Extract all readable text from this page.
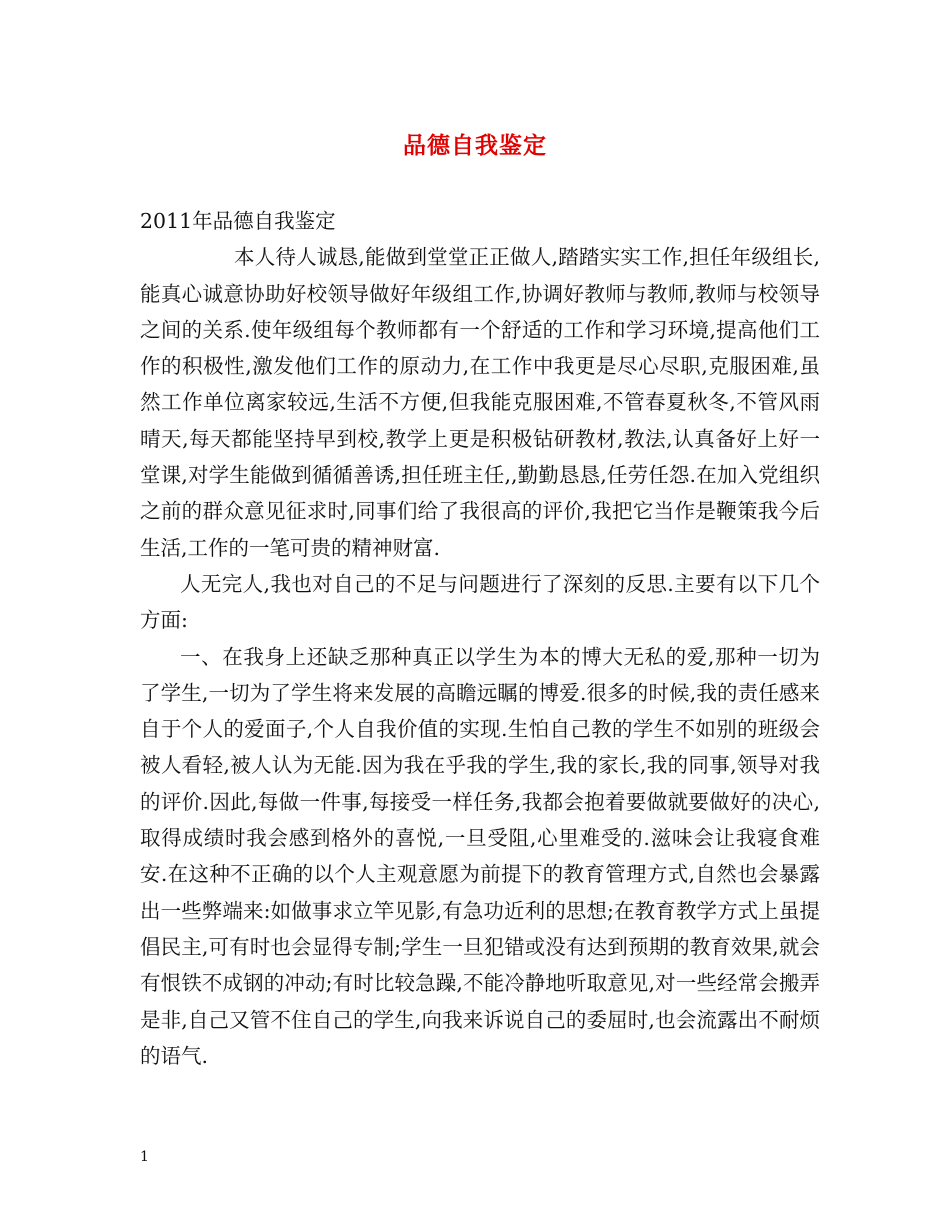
品德自我鉴定

2011年品德自我鉴定

本人待人诚恳,能做到堂堂正正做人,踏踏实实工作,担任年级组长,能真心诚意协助好校领导做好年级组工作,协调好教师与教师,教师与校领导之间的关系.使年级组每个教师都有一个舒适的工作和学习环境,提高他们工作的积极性,激发他们工作的原动力,在工作中我更是尽心尽职,克服困难,虽然工作单位离家较远,生活不方便,但我能克服困难,不管春夏秋冬,不管风雨晴天,每天都能坚持早到校,教学上更是积极钻研教材,教法,认真备好上好一堂课,对学生能做到循循善诱,担任班主任,,勤勤恳恳,任劳任怨.在加入党组织之前的群众意见征求时,同事们给了我很高的评价,我把它当作是鞭策我今后生活,工作的一笔可贵的精神财富.

人无完人,我也对自己的不足与问题进行了深刻的反思.主要有以下几个方面:

一、在我身上还缺乏那种真正以学生为本的博大无私的爱,那种一切为了学生,一切为了学生将来发展的高瞻远瞩的博爱.很多的时候,我的责任感来自于个人的爱面子,个人自我价值的实现.生怕自己教的学生不如别的班级会被人看轻,被人认为无能.因为我在乎我的学生,我的家长,我的同事,领导对我的评价.因此,每做一件事,每接受一样任务,我都会抱着要做就要做好的决心,取得成绩时我会感到格外的喜悦,一旦受阻,心里难受的.滋味会让我寝食难安.在这种不正确的以个人主观意愿为前提下的教育管理方式,自然也会暴露出一些弊端来:如做事求立竿见影,有急功近利的思想;在教育教学方式上虽提倡民主,可有时也会显得专制;学生一旦犯错或没有达到预期的教育效果,就会有恨铁不成钢的冲动;有时比较急躁,不能冷静地听取意见,对一些经常会搬弄是非,自己又管不住自己的学生,向我来诉说自己的委屈时,也会流露出不耐烦的语气.

1
